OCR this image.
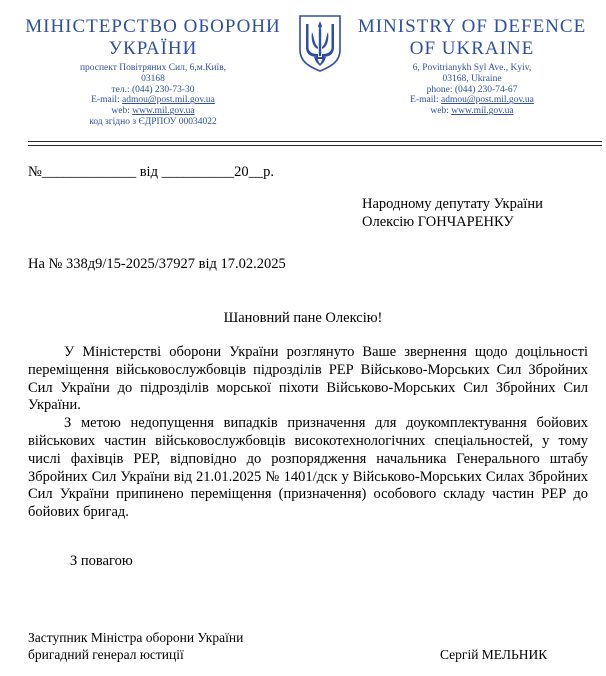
МІНІСТЕРСТВО ОБОРОНИ
УКРАЇНИ
проспект Повітряних Сил, 6,м.Київ,
03168
тел.: (044) 230-73-30
E-mail: admou@post.mil.gov.ua
web: www.mil.gov.ua
код згідно з ЄДРПОУ 00034022
MINISTRY OF DEFENCE
OF UKRAINE
6, Povitrianykh Syl Ave., Kyiv,
03168, Ukraine
phone: (044) 230-74-67
E-mail: admou@post.mil.gov.ua
web: www.mil.gov.ua
№_____________ від __________20__р.
Народному депутату України
Олексію ГОНЧАРЕНКУ
На № 338д9/15-2025/37927 від 17.02.2025
Шановний пане Олексію!

У Міністерстві оборони України розглянуто Ваше звернення щодо доцільності переміщення військовослужбовців підрозділів РЕР Військово-Морських Сил Збройних Сил України до підрозділів морської піхоти Військово-Морських Сил Збройних Сил України.

З метою недопущення випадків призначення для доукомплектування бойових військових частин військовослужбовців високотехнологічних спеціальностей, у тому числі фахівців РЕР, відповідно до розпорядження начальника Генерального штабу Збройних Сил України від 21.01.2025 № 1401/дск у Військово-Морських Силах Збройних Сил України припинено переміщення (призначення) особового складу частин РЕР до бойових бригад.

З повагою
Заступник Міністра оборони України
бригадний генерал юстиції	Сергій МЕЛЬНИК
